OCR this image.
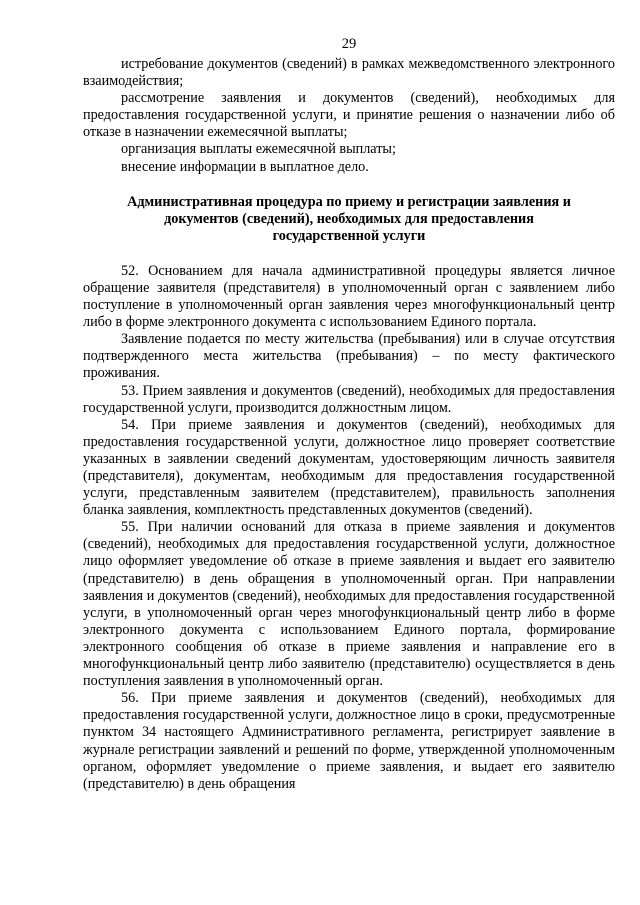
29

истребование документов (сведений) в рамках межведомственного электронного взаимодействия;

рассмотрение заявления и документов (сведений), необходимых для предоставления государственной услуги, и принятие решения о назначении либо об отказе в назначении ежемесячной выплаты;

организация выплаты ежемесячной выплаты;

внесение информации в выплатное дело.

Административная процедура по приему и регистрации заявления и документов (сведений), необходимых для предоставления государственной услуги

52. Основанием для начала административной процедуры является личное обращение заявителя (представителя) в уполномоченный орган с заявлением либо поступление в уполномоченный орган заявления через многофункциональный центр либо в форме электронного документа с использованием Единого портала.

Заявление подается по месту жительства (пребывания) или в случае отсутствия подтвержденного места жительства (пребывания) – по месту фактического проживания.

53. Прием заявления и документов (сведений), необходимых для предоставления государственной услуги, производится должностным лицом.

54. При приеме заявления и документов (сведений), необходимых для предоставления государственной услуги, должностное лицо проверяет соответствие указанных в заявлении сведений документам, удостоверяющим личность заявителя (представителя), документам, необходимым для предоставления государственной услуги, представленным заявителем (представителем), правильность заполнения бланка заявления, комплектность представленных документов (сведений).

55. При наличии оснований для отказа в приеме заявления и документов (сведений), необходимых для предоставления государственной услуги, должностное лицо оформляет уведомление об отказе в приеме заявления и выдает его заявителю (представителю) в день обращения в уполномоченный орган. При направлении заявления и документов (сведений), необходимых для предоставления государственной услуги, в уполномоченный орган через многофункциональный центр либо в форме электронного документа с использованием Единого портала, формирование электронного сообщения об отказе в приеме заявления и направление его в многофункциональный центр либо заявителю (представителю) осуществляется в день поступления заявления в уполномоченный орган.

56. При приеме заявления и документов (сведений), необходимых для предоставления государственной услуги, должностное лицо в сроки, предусмотренные пунктом 34 настоящего Административного регламента, регистрирует заявление в журнале регистрации заявлений и решений по форме, утвержденной уполномоченным органом, оформляет уведомление о приеме заявления, и выдает его заявителю (представителю) в день обращения
